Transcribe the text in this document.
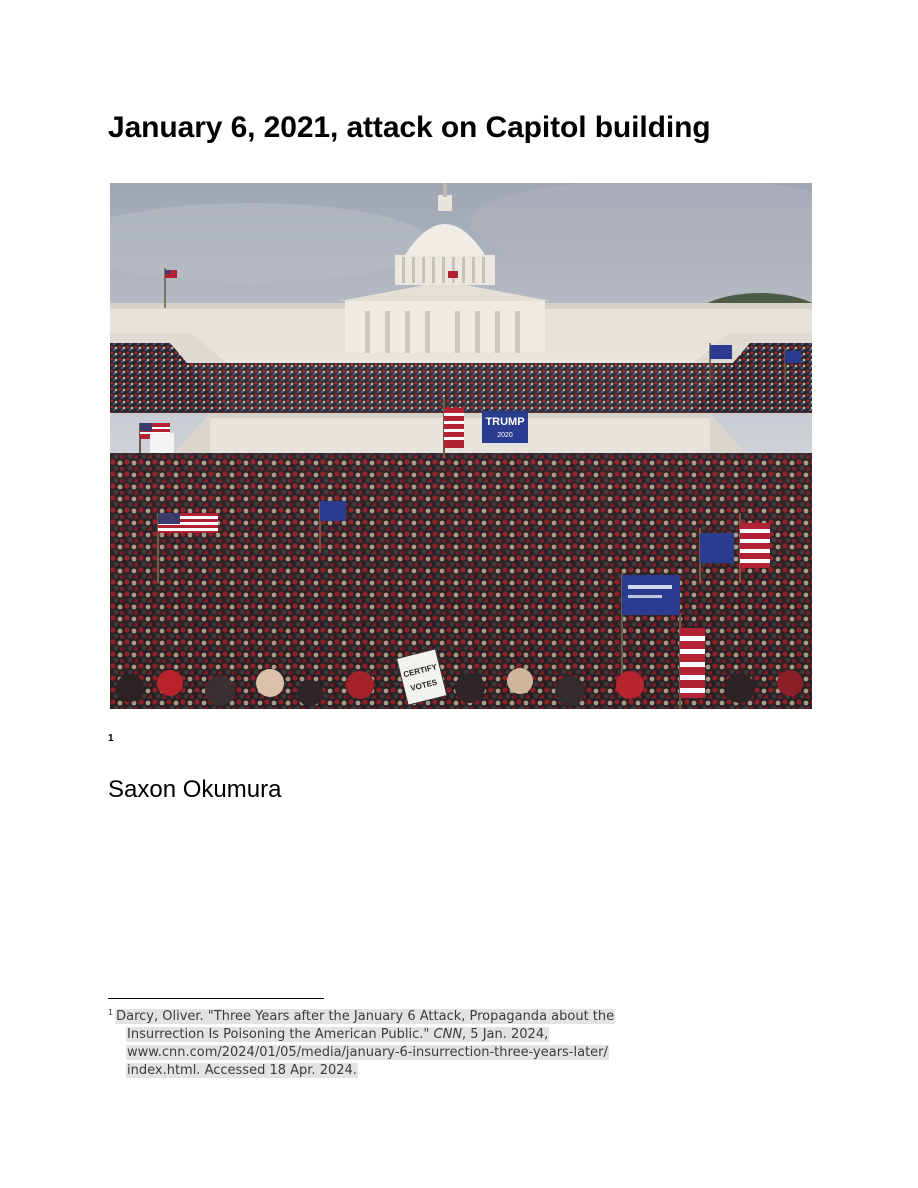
January 6, 2021, attack on Capitol building
TRUMP
2020
CERTIFY
VOTES
1
Saxon Okumura
$^1$ Darcy, Oliver. "Three Years after the January 6 Attack, Propaganda about the
Insurrection Is Poisoning the American Public." CNN, 5 Jan. 2024,
www.cnn.com/2024/01/05/media/january-6-insurrection-three-years-later/
index.html. Accessed 18 Apr. 2024.
